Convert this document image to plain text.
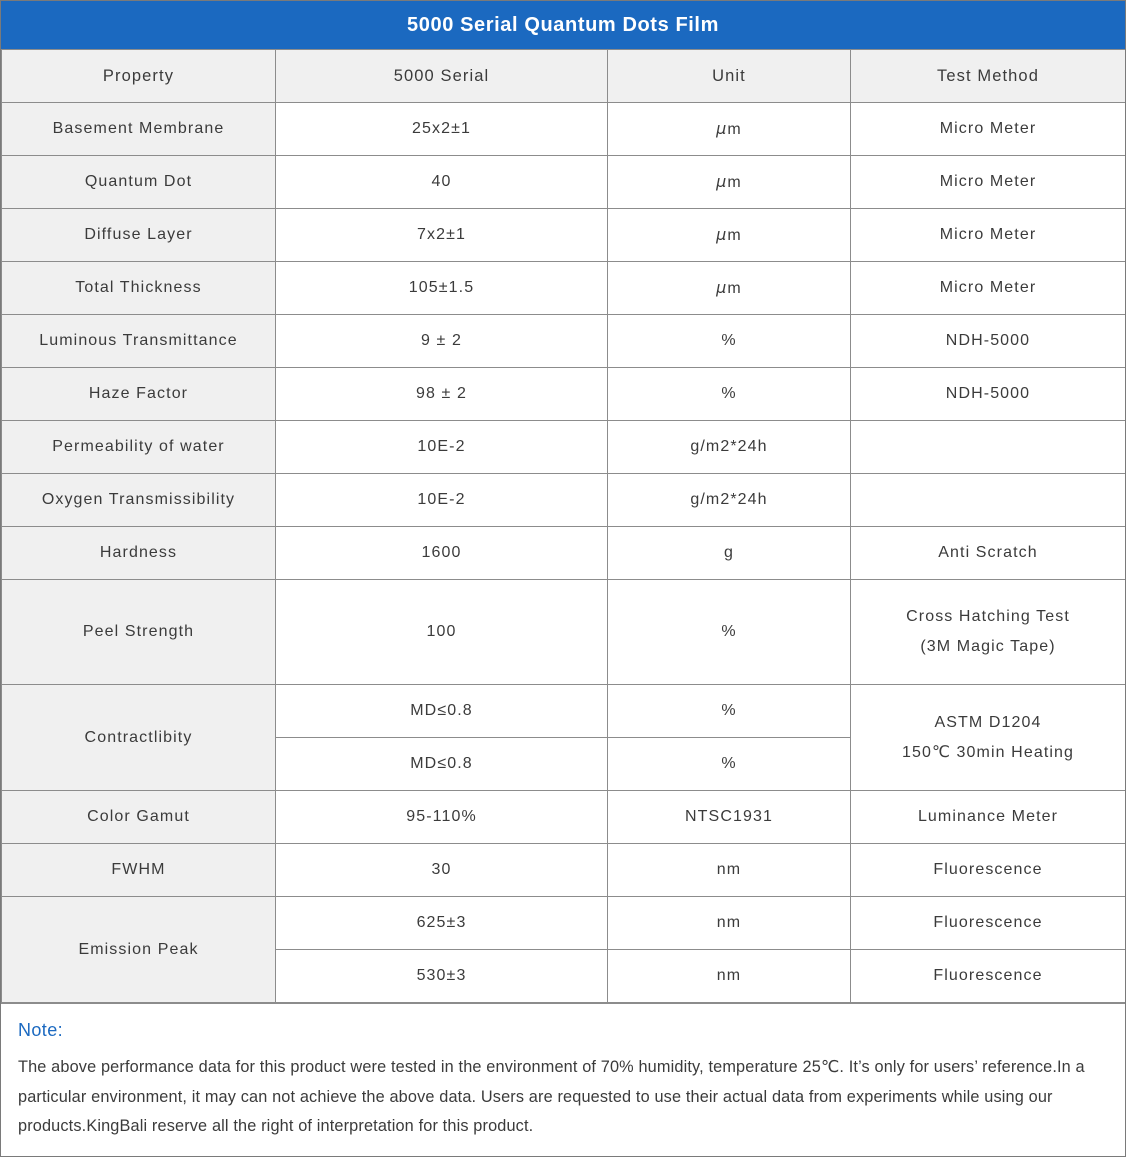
5000 Serial Quantum Dots Film
Property	5000 Serial	Unit	Test Method
Basement Membrane	25x2±1	μm	Micro Meter
Quantum Dot	40	μm	Micro Meter
Diffuse Layer	7x2±1	μm	Micro Meter
Total Thickness	105±1.5	μm	Micro Meter
Luminous Transmittance	9 ± 2	%	NDH-5000
Haze Factor	98 ± 2	%	NDH-5000
Permeability of water	10E-2	g/m2*24h	
Oxygen Transmissibility	10E-2	g/m2*24h	
Hardness	1600	g	Anti Scratch
Peel Strength	100	%	Cross Hatching Test
(3M Magic Tape)

Contractlibity	MD≤0.8	%	ASTM D1204
150℃ 30min Heating

	MD≤0.8	%	
Color Gamut	95-110%	NTSC1931	Luminance Meter
FWHM	30	nm	Fluorescence
Emission Peak	625±3	nm	Fluorescence
	530±3	nm	Fluorescence
Note:
The above performance data for this product were tested in the environment of 70% humidity, temperature 25℃. It’s only for users’ reference.In a particular environment, it may can not achieve the above data. Users are requested to use their actual data from experiments while using our products.KingBali reserve all the right of interpretation for this product.
